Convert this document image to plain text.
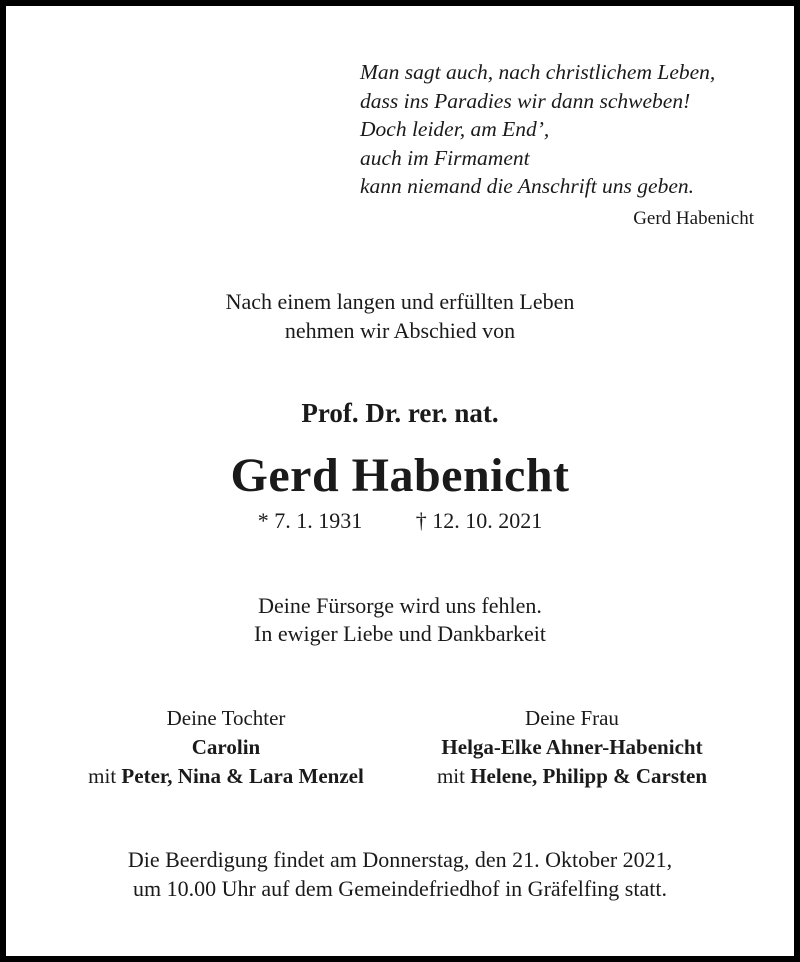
Man sagt auch, nach christlichem Leben,
dass ins Paradies wir dann schweben!
Doch leider, am End’,
auch im Firmament
kann niemand die Anschrift uns geben.
Gerd Habenicht
Nach einem langen und erfüllten Leben
nehmen wir Abschied von
Prof. Dr. rer. nat.
Gerd Habenicht
* 7. 1. 1931 † 12. 10. 2021
Deine Fürsorge wird uns fehlen.
In ewiger Liebe und Dankbarkeit
Deine Tochter
Carolin
mit Peter, Nina & Lara Menzel
Deine Frau
Helga-Elke Ahner-Habenicht
mit Helene, Philipp & Carsten
Die Beerdigung findet am Donnerstag, den 21. Oktober 2021,
um 10.00 Uhr auf dem Gemeindefriedhof in Gräfelfing statt.
